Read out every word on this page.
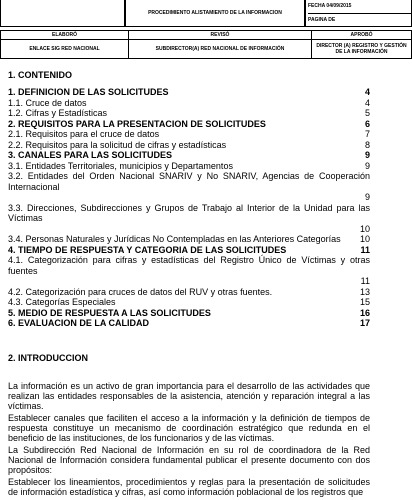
PROCEDIMIENTO ALISTAMIENTO DE LA INFORMACION
FECHA 04/09/2015
PAGINA DE
ELABORÓ	REVISÓ	APROBÓ
ENLACE SIG RED NACIONAL	SUBDIRECTOR(A) RED NACIONAL DE INFORMACIÓN	DIRECTOR (A) REGISTRO Y GESTIÓN DE LA INFORMACIÓN
1. CONTENIDO
1. DEFINICION DE LAS SOLICITUDES	4
1.1. Cruce de datos	4
1.2. Cifras y Estadísticas	5
2. REQUISITOS PARA LA PRESENTACION DE SOLICITUDES	6
2.1. Requisitos para el cruce de datos	7
2.2. Requisitos para la solicitud de cifras y estadísticas	8
3. CANALES PARA LAS SOLICITUDES	9
3.1. Entidades Territoriales, municipios y Departamentos	9
3.2. Entidades del Orden Nacional SNARIV y No SNARIV, Agencias de Cooperación Internacional
9
3.3. Direcciones, Subdirecciones y Grupos de Trabajo al Interior de la Unidad para las Víctimas
10
3.4. Personas Naturales y Jurídicas No Contempladas en las Anteriores Categorías 10
4. TIEMPO DE RESPUESTA Y CATEGORIA DE LAS SOLICITUDES	11
4.1. Categorización para cifras y estadísticas del Registro Único de Víctimas y otras fuentes
11
4.2. Categorización para cruces de datos del RUV y otras fuentes.	13
4.3. Categorías Especiales	15
5. MEDIO DE RESPUESTA A LAS SOLICITUDES	16
6. EVALUACION DE LA CALIDAD	17
2. INTRODUCCION

La información es un activo de gran importancia para el desarrollo de las actividades que realizan las entidades responsables de la asistencia, atención y reparación integral a las víctimas.

Establecer canales que faciliten el acceso a la información y la definición de tiempos de respuesta constituye un mecanismo de coordinación estratégico que redunda en el beneficio de las instituciones, de los funcionarios y de las víctimas.

La Subdirección Red Nacional de Información en su rol de coordinadora de la Red Nacional de Información considera fundamental publicar el presente documento con dos propósitos:

Establecer los lineamientos, procedimientos y reglas para la presentación de solicitudes de información estadística y cifras, así como información poblacional de los registros que
